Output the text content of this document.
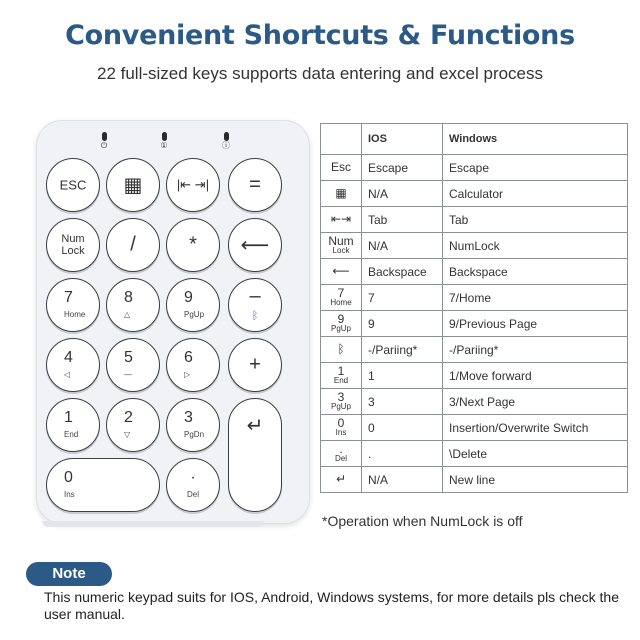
Convenient Shortcuts & Functions
22 full-sized keys supports data entering and excel process
⏻	①	ⓘ
ESC	▦	|⇤ ⇥|	=
Num Lock	/	*	⟵
7
Home
8
△
9
PgUp
–
ᛒ
4
◁
5
—
6
▷	+
1
End
2
▽
3
PgDn	↵
0
Ins
·
Del
	IOS	Windows

Esc	Escape	Escape

▦	N/A	Calculator

⇤⇥	Tab	Tab

Num
Lock	N/A	NumLock

⟵	Backspace	Backspace

7
Home	7	7/Home

9
PgUp	9	9/Previous Page

ᛒ	-/Pariing*	-/Pariing*

1
End	1	1/Move forward

3
PgUp	3	3/Next Page

0
Ins	0	Insertion/Overwrite Switch

.
Del	.	\Delete

↵	N/A	New line
*Operation when NumLock is off
Note
This numeric keypad suits for IOS, Android, Windows systems, for more details pls check the user manual.
